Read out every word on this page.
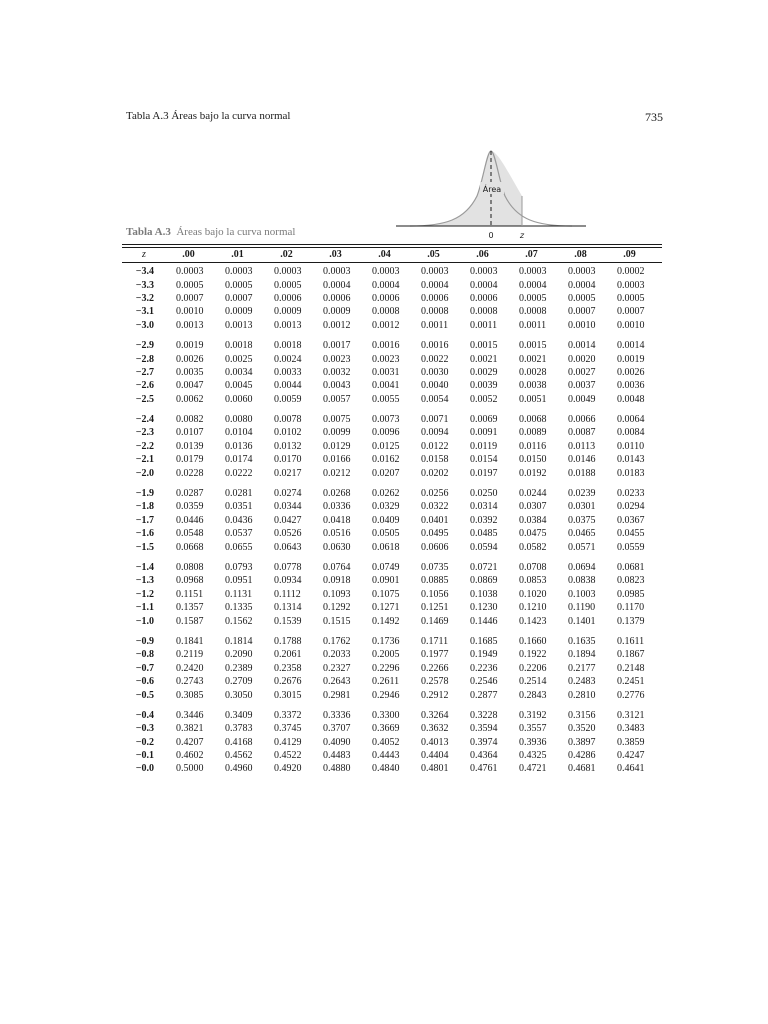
Tabla A.3 Áreas bajo la curva normal	735
Área
0	z
Tabla A.3 Áreas bajo la curva normal
z	.00	.01	.02	.03	.04	.05	.06	.07	.08	.09
−3.4	0.0003	0.0003	0.0003	0.0003	0.0003	0.0003	0.0003	0.0003	0.0003	0.0002
−3.3	0.0005	0.0005	0.0005	0.0004	0.0004	0.0004	0.0004	0.0004	0.0004	0.0003
−3.2	0.0007	0.0007	0.0006	0.0006	0.0006	0.0006	0.0006	0.0005	0.0005	0.0005
−3.1	0.0010	0.0009	0.0009	0.0009	0.0008	0.0008	0.0008	0.0008	0.0007	0.0007
−3.0	0.0013	0.0013	0.0013	0.0012	0.0012	0.0011	0.0011	0.0011	0.0010	0.0010
−2.9	0.0019	0.0018	0.0018	0.0017	0.0016	0.0016	0.0015	0.0015	0.0014	0.0014
−2.8	0.0026	0.0025	0.0024	0.0023	0.0023	0.0022	0.0021	0.0021	0.0020	0.0019
−2.7	0.0035	0.0034	0.0033	0.0032	0.0031	0.0030	0.0029	0.0028	0.0027	0.0026
−2.6	0.0047	0.0045	0.0044	0.0043	0.0041	0.0040	0.0039	0.0038	0.0037	0.0036
−2.5	0.0062	0.0060	0.0059	0.0057	0.0055	0.0054	0.0052	0.0051	0.0049	0.0048
−2.4	0.0082	0.0080	0.0078	0.0075	0.0073	0.0071	0.0069	0.0068	0.0066	0.0064
−2.3	0.0107	0.0104	0.0102	0.0099	0.0096	0.0094	0.0091	0.0089	0.0087	0.0084
−2.2	0.0139	0.0136	0.0132	0.0129	0.0125	0.0122	0.0119	0.0116	0.0113	0.0110
−2.1	0.0179	0.0174	0.0170	0.0166	0.0162	0.0158	0.0154	0.0150	0.0146	0.0143
−2.0	0.0228	0.0222	0.0217	0.0212	0.0207	0.0202	0.0197	0.0192	0.0188	0.0183
−1.9	0.0287	0.0281	0.0274	0.0268	0.0262	0.0256	0.0250	0.0244	0.0239	0.0233
−1.8	0.0359	0.0351	0.0344	0.0336	0.0329	0.0322	0.0314	0.0307	0.0301	0.0294
−1.7	0.0446	0.0436	0.0427	0.0418	0.0409	0.0401	0.0392	0.0384	0.0375	0.0367
−1.6	0.0548	0.0537	0.0526	0.0516	0.0505	0.0495	0.0485	0.0475	0.0465	0.0455
−1.5	0.0668	0.0655	0.0643	0.0630	0.0618	0.0606	0.0594	0.0582	0.0571	0.0559
−1.4	0.0808	0.0793	0.0778	0.0764	0.0749	0.0735	0.0721	0.0708	0.0694	0.0681
−1.3	0.0968	0.0951	0.0934	0.0918	0.0901	0.0885	0.0869	0.0853	0.0838	0.0823
−1.2	0.1151	0.1131	0.1112	0.1093	0.1075	0.1056	0.1038	0.1020	0.1003	0.0985
−1.1	0.1357	0.1335	0.1314	0.1292	0.1271	0.1251	0.1230	0.1210	0.1190	0.1170
−1.0	0.1587	0.1562	0.1539	0.1515	0.1492	0.1469	0.1446	0.1423	0.1401	0.1379
−0.9	0.1841	0.1814	0.1788	0.1762	0.1736	0.1711	0.1685	0.1660	0.1635	0.1611
−0.8	0.2119	0.2090	0.2061	0.2033	0.2005	0.1977	0.1949	0.1922	0.1894	0.1867
−0.7	0.2420	0.2389	0.2358	0.2327	0.2296	0.2266	0.2236	0.2206	0.2177	0.2148
−0.6	0.2743	0.2709	0.2676	0.2643	0.2611	0.2578	0.2546	0.2514	0.2483	0.2451
−0.5	0.3085	0.3050	0.3015	0.2981	0.2946	0.2912	0.2877	0.2843	0.2810	0.2776
−0.4	0.3446	0.3409	0.3372	0.3336	0.3300	0.3264	0.3228	0.3192	0.3156	0.3121
−0.3	0.3821	0.3783	0.3745	0.3707	0.3669	0.3632	0.3594	0.3557	0.3520	0.3483
−0.2	0.4207	0.4168	0.4129	0.4090	0.4052	0.4013	0.3974	0.3936	0.3897	0.3859
−0.1	0.4602	0.4562	0.4522	0.4483	0.4443	0.4404	0.4364	0.4325	0.4286	0.4247
−0.0	0.5000	0.4960	0.4920	0.4880	0.4840	0.4801	0.4761	0.4721	0.4681	0.4641
